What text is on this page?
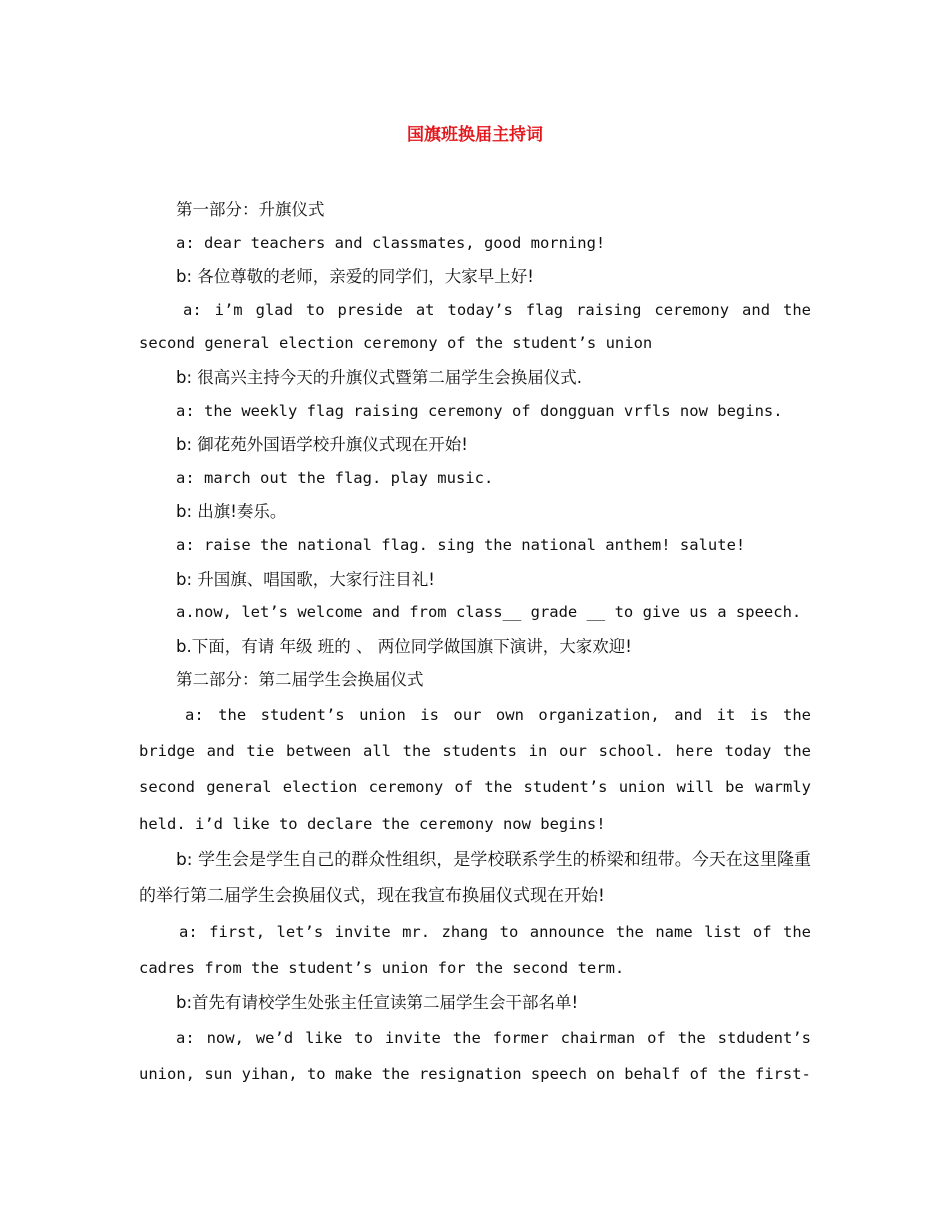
国旗班换届主持词

第一部分：升旗仪式

a: dear teachers and classmates, good morning!

b: 各位尊敬的老师，亲爱的同学们，大家早上好!

a: i’m glad to preside at today’s flag raising ceremony and the

second general election ceremony of the student’s union

b: 很高兴主持今天的升旗仪式暨第二届学生会换届仪式.

a: the weekly flag raising ceremony of dongguan vrfls now begins.

b: 御花苑外国语学校升旗仪式现在开始!

a: march out the flag. play music.

b: 出旗!奏乐。

a: raise the national flag. sing the national anthem! salute!

b: 升国旗、唱国歌，大家行注目礼!

a.now, let’s welcome and from class__ grade __ to give us a speech.

b.下面，有请 年级 班的 、 两位同学做国旗下演讲，大家欢迎!

第二部分：第二届学生会换届仪式

a: the student’s union is our own organization, and it is the bridge and tie between all the students in our school. here today the second general election ceremony of the student’s union will be warmly held. i’d like to declare the ceremony now begins!

b: 学生会是学生自己的群众性组织，是学校联系学生的桥梁和纽带。今天在这里隆重的举行第二届学生会换届仪式，现在我宣布换届仪式现在开始!

a: first, let’s invite mr. zhang to announce the name list of the cadres from the student’s union for the second term.

b:首先有请校学生处张主任宣读第二届学生会干部名单!

a: now, we’d like to invite the former chairman of the stdudent’s union, sun yihan, to make the resignation speech on behalf of the first-
